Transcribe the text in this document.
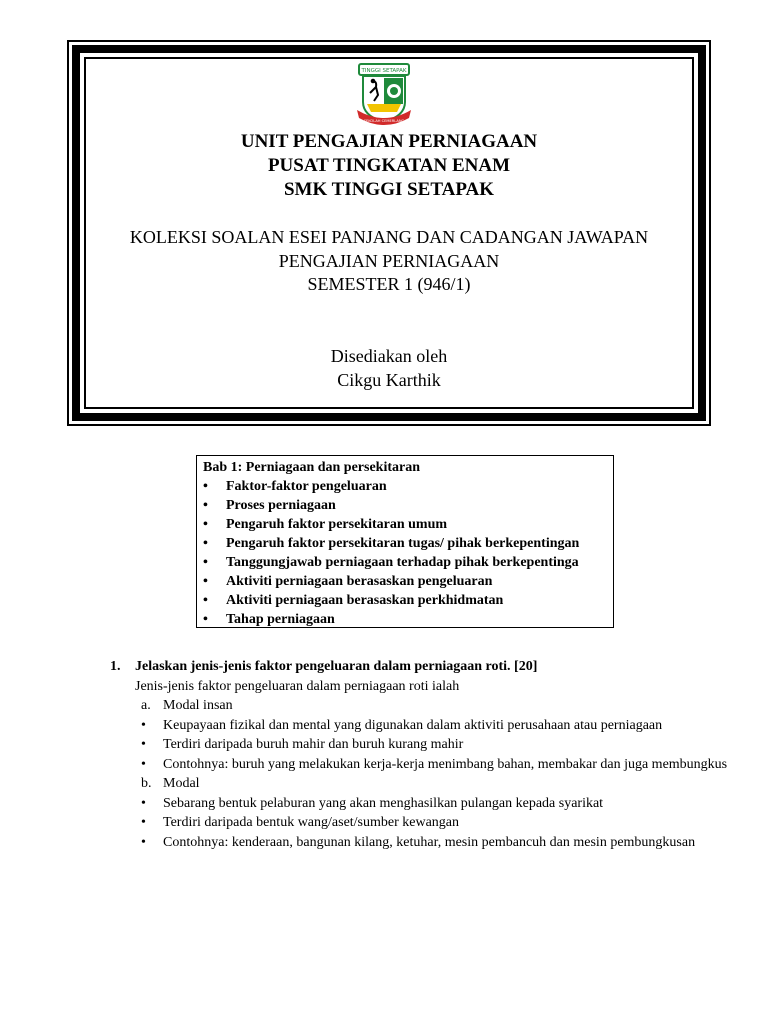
TINGGI SETAPAK
SEKOLAH CEMERLANG
UNIT PENGAJIAN PERNIAGAAN
PUSAT TINGKATAN ENAM
SMK TINGGI SETAPAK
KOLEKSI SOALAN ESEI PANJANG DAN CADANGAN JAWAPAN
PENGAJIAN PERNIAGAAN
SEMESTER 1 (946/1)
Disediakan oleh
Cikgu Karthik
Bab 1: Perniagaan dan persekitaran
• Faktor-faktor pengeluaran
• Proses perniagaan
• Pengaruh faktor persekitaran umum
• Pengaruh faktor persekitaran tugas/ pihak berkepentingan
• Tanggungjawab perniagaan terhadap pihak berkepentinga
• Aktiviti perniagaan berasaskan pengeluaran
• Aktiviti perniagaan berasaskan perkhidmatan
• Tahap perniagaan
1. Jelaskan jenis-jenis faktor pengeluaran dalam perniagaan roti. [20]
Jenis-jenis faktor pengeluaran dalam perniagaan roti ialah
a. Modal insan
• Keupayaan fizikal dan mental yang digunakan dalam aktiviti perusahaan atau perniagaan
• Terdiri daripada buruh mahir dan buruh kurang mahir
• Contohnya: buruh yang melakukan kerja-kerja menimbang bahan, membakar dan juga membungkus
b. Modal
• Sebarang bentuk pelaburan yang akan menghasilkan pulangan kepada syarikat
• Terdiri daripada bentuk wang/aset/sumber kewangan
• Contohnya: kenderaan, bangunan kilang, ketuhar, mesin pembancuh dan mesin pembungkusan
